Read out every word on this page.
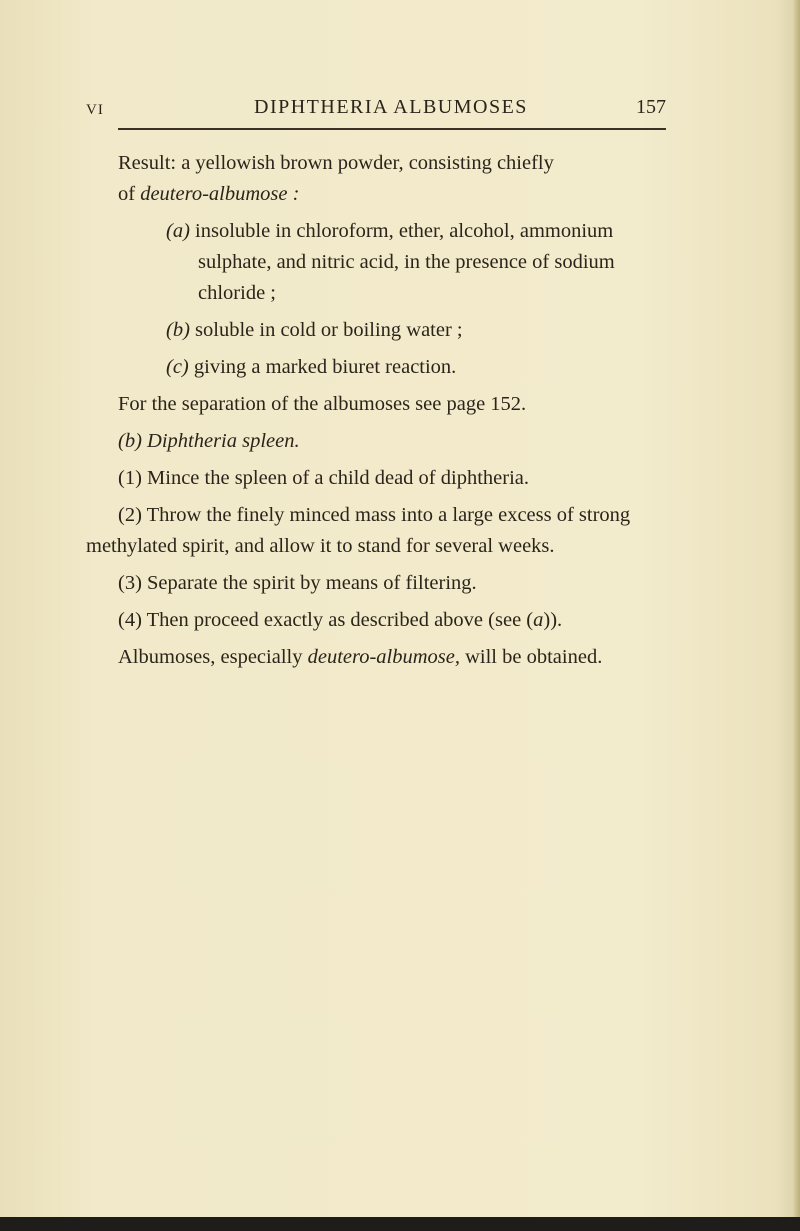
VI	DIPHTHERIA ALBUMOSES	157

Result: a yellowish brown powder, consisting chiefly

of deutero-albumose :

(a) insoluble in chloroform, ether, alcohol, ammonium sulphate, and nitric acid, in the presence of sodium chloride ;

(b) soluble in cold or boiling water ;

(c) giving a marked biuret reaction.

For the separation of the albumoses see page 152.

(b) Diphtheria spleen.

(1) Mince the spleen of a child dead of diphtheria.

(2) Throw the finely minced mass into a large excess of strong methylated spirit, and allow it to stand for several weeks.

(3) Separate the spirit by means of filtering.

(4) Then proceed exactly as described above (see (a)).

Albumoses, especially deutero-albumose, will be obtained.
